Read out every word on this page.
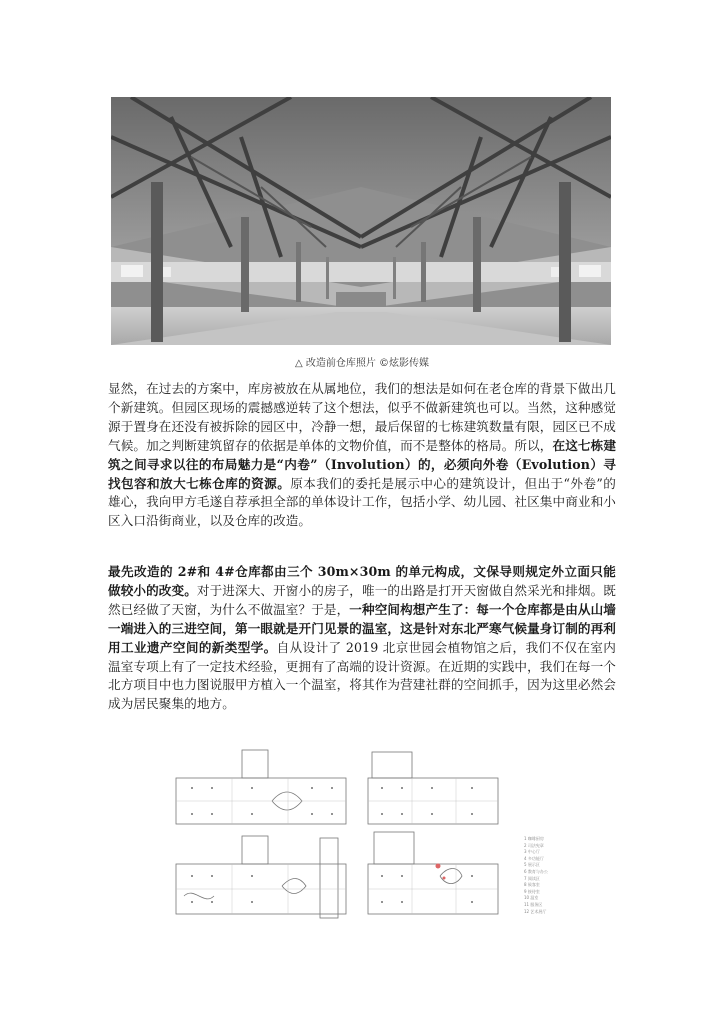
△ 改造前仓库照片 ©炫影传媒

显然，在过去的方案中，库房被放在从属地位，我们的想法是如何在老仓库的背景下做出几个新建筑。但园区现场的震撼感逆转了这个想法，似乎不做新建筑也可以。当然，这种感觉源于置身在还没有被拆除的园区中，冷静一想，最后保留的七栋建筑数量有限，园区已不成气候。加之判断建筑留存的依据是单体的文物价值，而不是整体的格局。所以，在这七栋建筑之间寻求以往的布局魅力是“内卷”（Involution）的，必须向外卷（Evolution）寻找包容和放大七栋仓库的资源。原本我们的委托是展示中心的建筑设计，但出于“外卷”的雄心，我向甲方毛遂自荐承担全部的单体设计工作，包括小学、幼儿园、社区集中商业和小区入口沿街商业，以及仓库的改造。

最先改造的 2#和 4#仓库都由三个 30m×30m 的单元构成，文保导则规定外立面只能做较小的改变。对于进深大、开窗小的房子，唯一的出路是打开天窗做自然采光和排烟。既然已经做了天窗，为什么不做温室？于是，一种空间构想产生了：每一个仓库都是由从山墙一端进入的三进空间，第一眼就是开门见景的温室，这是针对东北严寒气候量身订制的再利用工业遗产空间的新类型学。自从设计了 2019 北京世园会植物馆之后，我们不仅在室内温室专项上有了一定技术经验，更拥有了高端的设计资源。在近期的实践中，我们在每一个北方项目中也力图说服甲方植入一个温室，将其作为营建社群的空间抓手，因为这里必然会成为居民聚集的地方。

1 咖啡厨房
2 司法宪章
3 中心厅
4 多功能厅
5 展示区
6 教育与办公
7 阅读区
8 候客室
9 接待室
10 温室
11 服务区
12 艺术展厅
